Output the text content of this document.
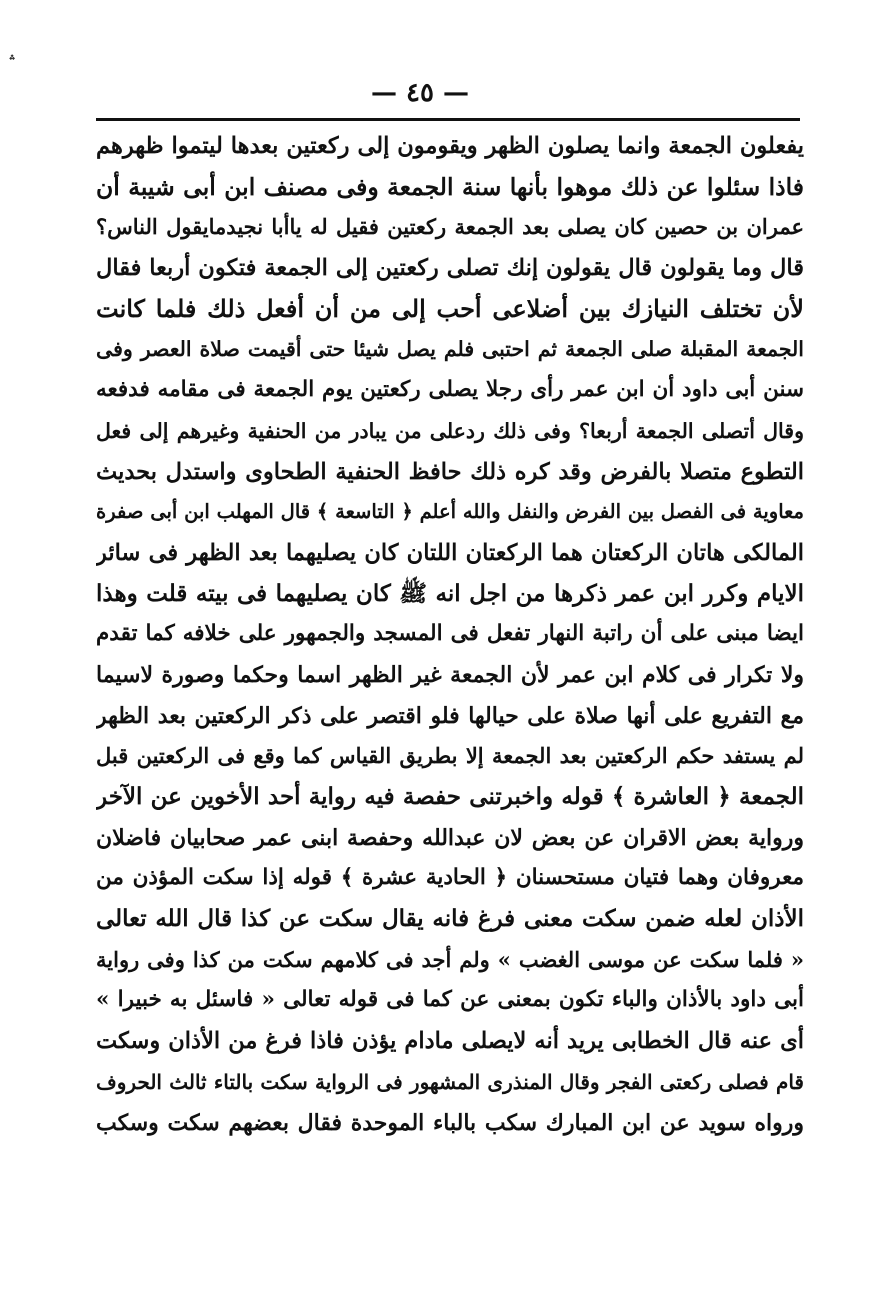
؞
— ٤٥ —
يفعلون الجمعة وانما يصلون الظهر ويقومون إلى ركعتين بعدها ليتموا ظهرهم
فاذا سئلوا عن ذلك موهوا بأنها سنة الجمعة وفى مصنف ابن أبى شيبة أن
عمران بن حصين كان يصلى بعد الجمعة ركعتين فقيل له ياأبا نجيدمايقول الناس؟
قال وما يقولون قال يقولون إنك تصلى ركعتين إلى الجمعة فتكون أربعا فقال
لأن تختلف النيازك بين أضلاعى أحب إلى من أن أفعل ذلك فلما كانت
الجمعة المقبلة صلى الجمعة ثم احتبى فلم يصل شيئا حتى أقيمت صلاة العصر وفى
سنن أبى داود أن ابن عمر رأى رجلا يصلى ركعتين يوم الجمعة فى مقامه فدفعه
وقال أتصلى الجمعة أربعا؟ وفى ذلك ردعلى من يبادر من الحنفية وغيرهم إلى فعل
التطوع متصلا بالفرض وقد كره ذلك حافظ الحنفية الطحاوى واستدل بحديث
معاوية فى الفصل بين الفرض والنفل والله أعلم ﴿ التاسعة ﴾ قال المهلب ابن أبى صفرة
المالكى هاتان الركعتان هما الركعتان اللتان كان يصليهما بعد الظهر فى سائر
الايام وكرر ابن عمر ذكرها من اجل انه ﷺ كان يصليهما فى بيته قلت وهذا
ايضا مبنى على أن راتبة النهار تفعل فى المسجد والجمهور على خلافه كما تقدم
ولا تكرار فى كلام ابن عمر لأن الجمعة غير الظهر اسما وحكما وصورة لاسيما
مع التفريع على أنها صلاة على حيالها فلو اقتصر على ذكر الركعتين بعد الظهر
لم يستفد حكم الركعتين بعد الجمعة إلا بطريق القياس كما وقع فى الركعتين قبل
الجمعة ﴿ العاشرة ﴾ قوله واخبرتنى حفصة فيه رواية أحد الأخوين عن الآخر
ورواية بعض الاقران عن بعض لان عبدالله وحفصة ابنى عمر صحابيان فاضلان
معروفان وهما فتيان مستحسنان ﴿ الحادية عشرة ﴾ قوله إذا سكت المؤذن من
الأذان لعله ضمن سكت معنى فرغ فانه يقال سكت عن كذا قال الله تعالى
« فلما سكت عن موسى الغضب » ولم أجد فى كلامهم سكت من كذا وفى رواية
أبى داود بالأذان والباء تكون بمعنى عن كما فى قوله تعالى « فاسئل به خبيرا »
أى عنه قال الخطابى يريد أنه لايصلى مادام يؤذن فاذا فرغ من الأذان وسكت
قام فصلى ركعتى الفجر وقال المنذرى المشهور فى الرواية سكت بالتاء ثالث الحروف
ورواه سويد عن ابن المبارك سكب بالباء الموحدة فقال بعضهم سكت وسكب
